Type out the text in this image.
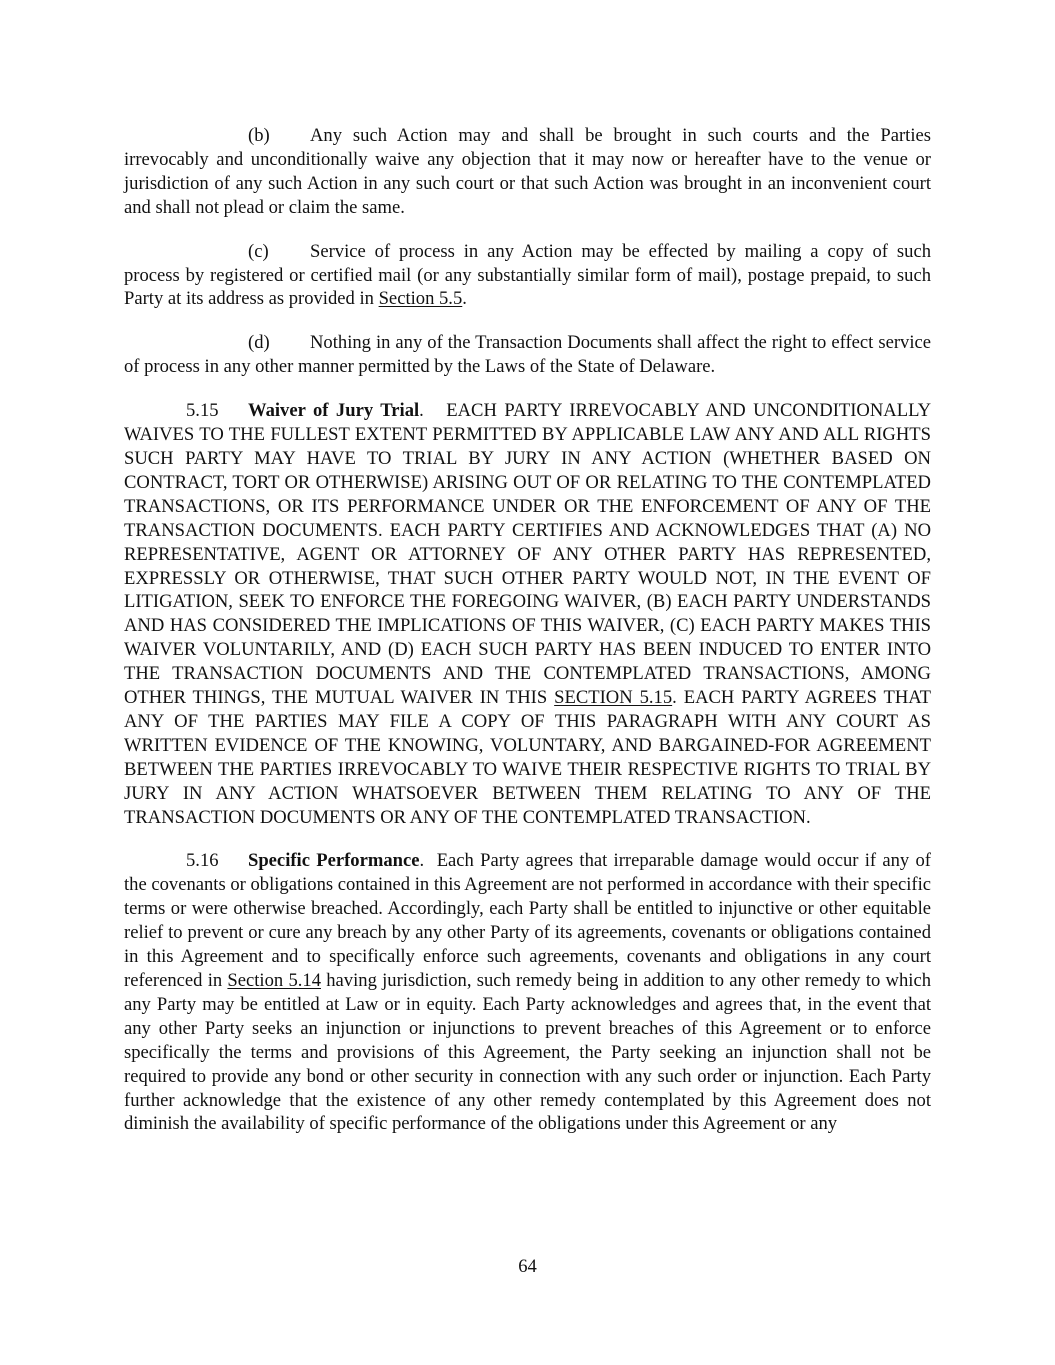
(b) Any such Action may and shall be brought in such courts and the Parties irrevocably and unconditionally waive any objection that it may now or hereafter have to the venue or jurisdiction of any such Action in any such court or that such Action was brought in an inconvenient court and shall not plead or claim the same.

(c) Service of process in any Action may be effected by mailing a copy of such process by registered or certified mail (or any substantially similar form of mail), postage prepaid, to such Party at its address as provided in Section 5.5.

(d) Nothing in any of the Transaction Documents shall affect the right to effect service of process in any other manner permitted by the Laws of the State of Delaware.

5.15 Waiver of Jury Trial. EACH PARTY IRREVOCABLY AND UNCONDITIONALLY WAIVES TO THE FULLEST EXTENT PERMITTED BY APPLICABLE LAW ANY AND ALL RIGHTS SUCH PARTY MAY HAVE TO TRIAL BY JURY IN ANY ACTION (WHETHER BASED ON CONTRACT, TORT OR OTHERWISE) ARISING OUT OF OR RELATING TO THE CONTEMPLATED TRANSACTIONS, OR ITS PERFORMANCE UNDER OR THE ENFORCEMENT OF ANY OF THE TRANSACTION DOCUMENTS. EACH PARTY CERTIFIES AND ACKNOWLEDGES THAT (A) NO REPRESENTATIVE, AGENT OR ATTORNEY OF ANY OTHER PARTY HAS REPRESENTED, EXPRESSLY OR OTHERWISE, THAT SUCH OTHER PARTY WOULD NOT, IN THE EVENT OF LITIGATION, SEEK TO ENFORCE THE FOREGOING WAIVER, (B) EACH PARTY UNDERSTANDS AND HAS CONSIDERED THE IMPLICATIONS OF THIS WAIVER, (C) EACH PARTY MAKES THIS WAIVER VOLUNTARILY, AND (D) EACH SUCH PARTY HAS BEEN INDUCED TO ENTER INTO THE TRANSACTION DOCUMENTS AND THE CONTEMPLATED TRANSACTIONS, AMONG OTHER THINGS, THE MUTUAL WAIVER IN THIS SECTION 5.15. EACH PARTY AGREES THAT ANY OF THE PARTIES MAY FILE A COPY OF THIS PARAGRAPH WITH ANY COURT AS WRITTEN EVIDENCE OF THE KNOWING, VOLUNTARY, AND BARGAINED-FOR AGREEMENT BETWEEN THE PARTIES IRREVOCABLY TO WAIVE THEIR RESPECTIVE RIGHTS TO TRIAL BY JURY IN ANY ACTION WHATSOEVER BETWEEN THEM RELATING TO ANY OF THE TRANSACTION DOCUMENTS OR ANY OF THE CONTEMPLATED TRANSACTION.

5.16 Specific Performance. Each Party agrees that irreparable damage would occur if any of the covenants or obligations contained in this Agreement are not performed in accordance with their specific terms or were otherwise breached. Accordingly, each Party shall be entitled to injunctive or other equitable relief to prevent or cure any breach by any other Party of its agreements, covenants or obligations contained in this Agreement and to specifically enforce such agreements, covenants and obligations in any court referenced in Section 5.14 having jurisdiction, such remedy being in addition to any other remedy to which any Party may be entitled at Law or in equity. Each Party acknowledges and agrees that, in the event that any other Party seeks an injunction or injunctions to prevent breaches of this Agreement or to enforce specifically the terms and provisions of this Agreement, the Party seeking an injunction shall not be required to provide any bond or other security in connection with any such order or injunction. Each Party further acknowledge that the existence of any other remedy contemplated by this Agreement does not diminish the availability of specific performance of the obligations under this Agreement or any

64
